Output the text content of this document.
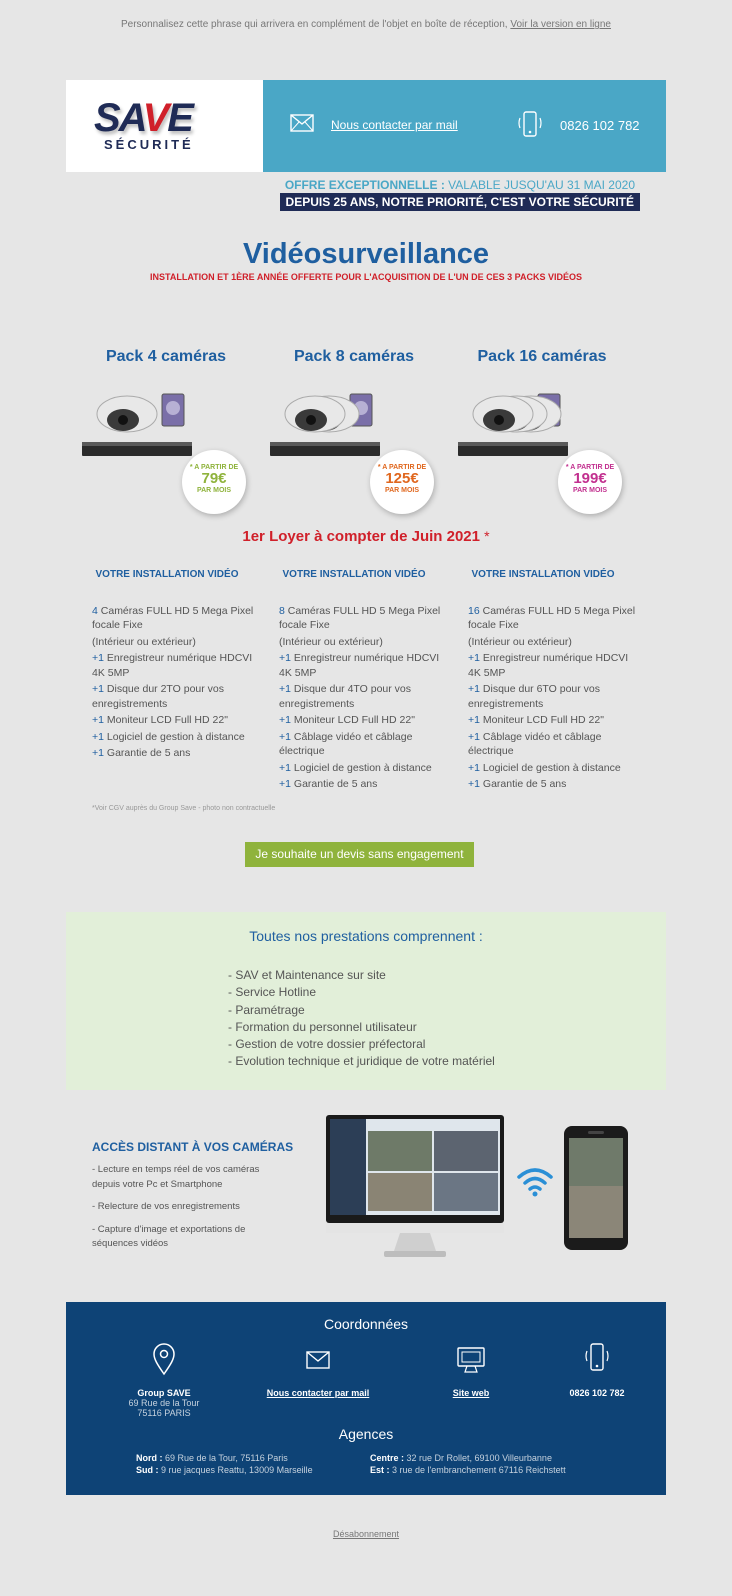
Personnalisez cette phrase qui arrivera en complément de l'objet en boîte de réception, Voir la version en ligne
SAVE
SÉCURITÉ
Nous contacter par mail	0826 102 782
OFFRE EXCEPTIONNELLE : VALABLE JUSQU'AU 31 MAI 2020
DEPUIS 25 ANS, NOTRE PRIORITÉ, C'EST VOTRE SÉCURITÉ
Vidéosurveillance
INSTALLATION ET 1ÈRE ANNÉE OFFERTE POUR L'ACQUISITION DE L'UN DE CES 3 PACKS VIDÉOS
Pack 4 caméras
* A PARTIR DE
79€
PAR MOIS
Pack 8 caméras
* A PARTIR DE
125€
PAR MOIS
Pack 16 caméras
* A PARTIR DE
199€
PAR MOIS
1er Loyer à compter de Juin 2021 *
VOTRE INSTALLATION VIDÉO
4 Caméras FULL HD 5 Mega Pixel focale Fixe
(Intérieur ou extérieur)
+1 Enregistreur numérique HDCVI 4K 5MP
+1 Disque dur 2TO pour vos enregistrements
+1 Moniteur LCD Full HD 22"
+1 Logiciel de gestion à distance
+1 Garantie de 5 ans
VOTRE INSTALLATION VIDÉO
8 Caméras FULL HD 5 Mega Pixel focale Fixe
(Intérieur ou extérieur)
+1 Enregistreur numérique HDCVI 4K 5MP
+1 Disque dur 4TO pour vos enregistrements
+1 Moniteur LCD Full HD 22"
+1 Câblage vidéo et câblage électrique
+1 Logiciel de gestion à distance
+1 Garantie de 5 ans
VOTRE INSTALLATION VIDÉO
16 Caméras FULL HD 5 Mega Pixel focale Fixe
(Intérieur ou extérieur)
+1 Enregistreur numérique HDCVI 4K 5MP
+1 Disque dur 6TO pour vos enregistrements
+1 Moniteur LCD Full HD 22"
+1 Câblage vidéo et câblage électrique
+1 Logiciel de gestion à distance
+1 Garantie de 5 ans
*Voir CGV auprès du Group Save - photo non contractuelle
Je souhaite un devis sans engagement
Toutes nos prestations comprennent :
- SAV et Maintenance sur site
- Service Hotline
- Paramétrage
- Formation du personnel utilisateur
- Gestion de votre dossier préfectoral
- Evolution technique et juridique de votre matériel
ACCÈS DISTANT À VOS CAMÉRAS

- Lecture en temps réel de vos caméras depuis votre Pc et Smartphone

- Relecture de vos enregistrements

- Capture d'image et exportations de séquences vidéos

Coordonnées
Group SAVE
69 Rue de la Tour
75116 PARIS
Nous contacter par mail	Site web	0826 102 782
Agences
Nord : 69 Rue de la Tour, 75116 Paris
Sud : 9 rue jacques Reattu, 13009 Marseille
Centre : 32 rue Dr Rollet, 69100 Villeurbanne
Est : 3 rue de l'embranchement 67116 Reichstett
Désabonnement
